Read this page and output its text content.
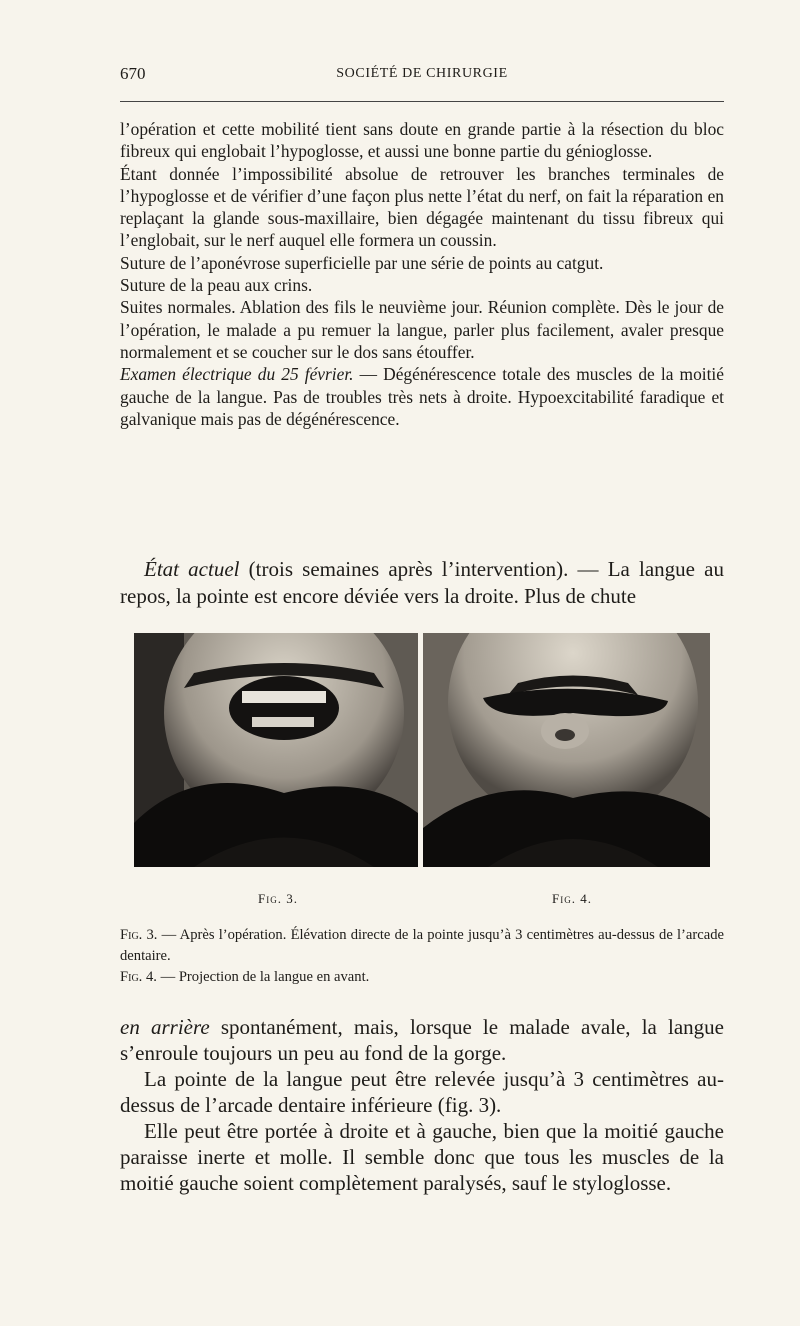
670	SOCIÉTÉ DE CHIRURGIE

l’opération et cette mobilité tient sans doute en grande partie à la résection du bloc fibreux qui englobait l’hypoglosse, et aussi une bonne partie du génioglosse.

Étant donnée l’impossibilité absolue de retrouver les branches terminales de l’hypoglosse et de vérifier d’une façon plus nette l’état du nerf, on fait la réparation en replaçant la glande sous-maxillaire, bien dégagée maintenant du tissu fibreux qui l’englobait, sur le nerf auquel elle formera un coussin.

Suture de l’aponévrose superficielle par une série de points au catgut.

Suture de la peau aux crins.

Suites normales. Ablation des fils le neuvième jour. Réunion complète. Dès le jour de l’opération, le malade a pu remuer la langue, parler plus facilement, avaler presque normalement et se coucher sur le dos sans étouffer.

Examen électrique du 25 février. — Dégénérescence totale des muscles de la moitié gauche de la langue. Pas de troubles très nets à droite. Hypoexcitabilité faradique et galvanique mais pas de dégénérescence.

État actuel (trois semaines après l’intervention). — La langue au repos, la pointe est encore déviée vers la droite. Plus de chute

Fig. 3.	Fig. 4.

Fig. 3. — Après l’opération. Élévation directe de la pointe jusqu’à 3 centimètres au-dessus de l’arcade dentaire.

Fig. 4. — Projection de la langue en avant.

en arrière spontanément, mais, lorsque le malade avale, la langue s’enroule toujours un peu au fond de la gorge.

La pointe de la langue peut être relevée jusqu’à 3 centimètres au-dessus de l’arcade dentaire inférieure (fig. 3).

Elle peut être portée à droite et à gauche, bien que la moitié gauche paraisse inerte et molle. Il semble donc que tous les muscles de la moitié gauche soient complètement paralysés, sauf le styloglosse.
